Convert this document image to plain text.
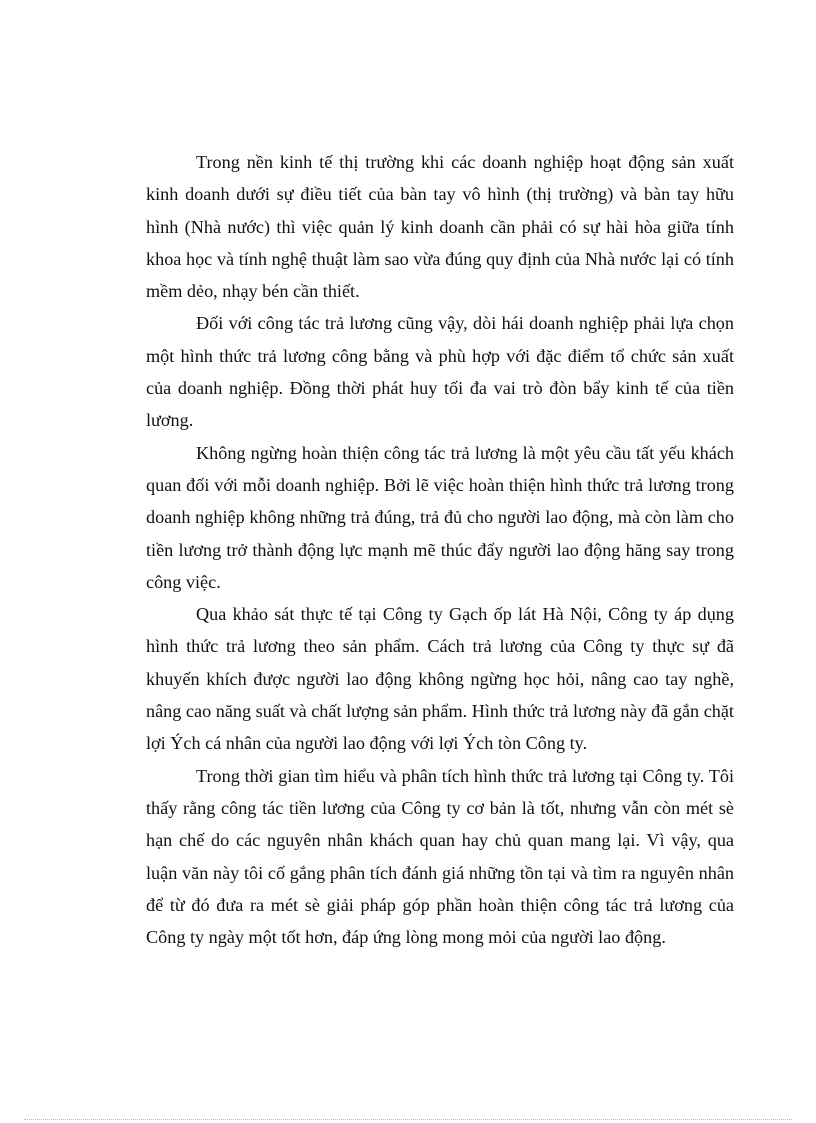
Trong nền kinh tế thị trường khi các doanh nghiệp hoạt động sản xuất kinh doanh dưới sự điều tiết của bàn tay vô hình (thị trường) và bàn tay hữu hình (Nhà nước) thì việc quản lý kinh doanh cần phải có sự hài hòa giữa tính khoa học và tính nghệ thuật làm sao vừa đúng quy định của Nhà nước lại có tính mềm dẻo, nhạy bén cần thiết.

Đối với công tác trả lương cũng vậy, dòi hái doanh nghiệp phải lựa chọn một hình thức trả lương công bằng và phù hợp với đặc điểm tổ chức sản xuất của doanh nghiệp. Đồng thời phát huy tối đa vai trò đòn bẩy kinh tế của tiền lương.

Không ngừng hoàn thiện công tác trả lương là một yêu cầu tất yếu khách quan đối với mỗi doanh nghiệp. Bởi lẽ việc hoàn thiện hình thức trả lương trong doanh nghiệp không những trả đúng, trả đủ cho người lao động, mà còn làm cho tiền lương trở thành động lực mạnh mẽ thúc đẩy người lao động hăng say trong công việc.

Qua khảo sát thực tế tại Công ty Gạch ốp lát Hà Nội, Công ty áp dụng hình thức trả lương theo sản phẩm. Cách trả lương của Công ty thực sự đã khuyến khích được người lao động không ngừng học hỏi, nâng cao tay nghề, nâng cao năng suất và chất lượng sản phẩm. Hình thức trả lương này đã gắn chặt lợi Ých cá nhân của người lao động với lợi Ých tòn Công ty.

Trong thời gian tìm hiểu và phân tích hình thức trả lương tại Công ty. Tôi thấy rằng công tác tiền lương của Công ty cơ bản là tốt, nhưng vẫn còn mét sè hạn chế do các nguyên nhân khách quan hay chủ quan mang lại. Vì vậy, qua luận văn này tôi cố gắng phân tích đánh giá những tồn tại và tìm ra nguyên nhân để từ đó đưa ra mét sè giải pháp góp phần hoàn thiện công tác trả lương của Công ty ngày một tốt hơn, đáp ứng lòng mong mỏi của người lao động.
